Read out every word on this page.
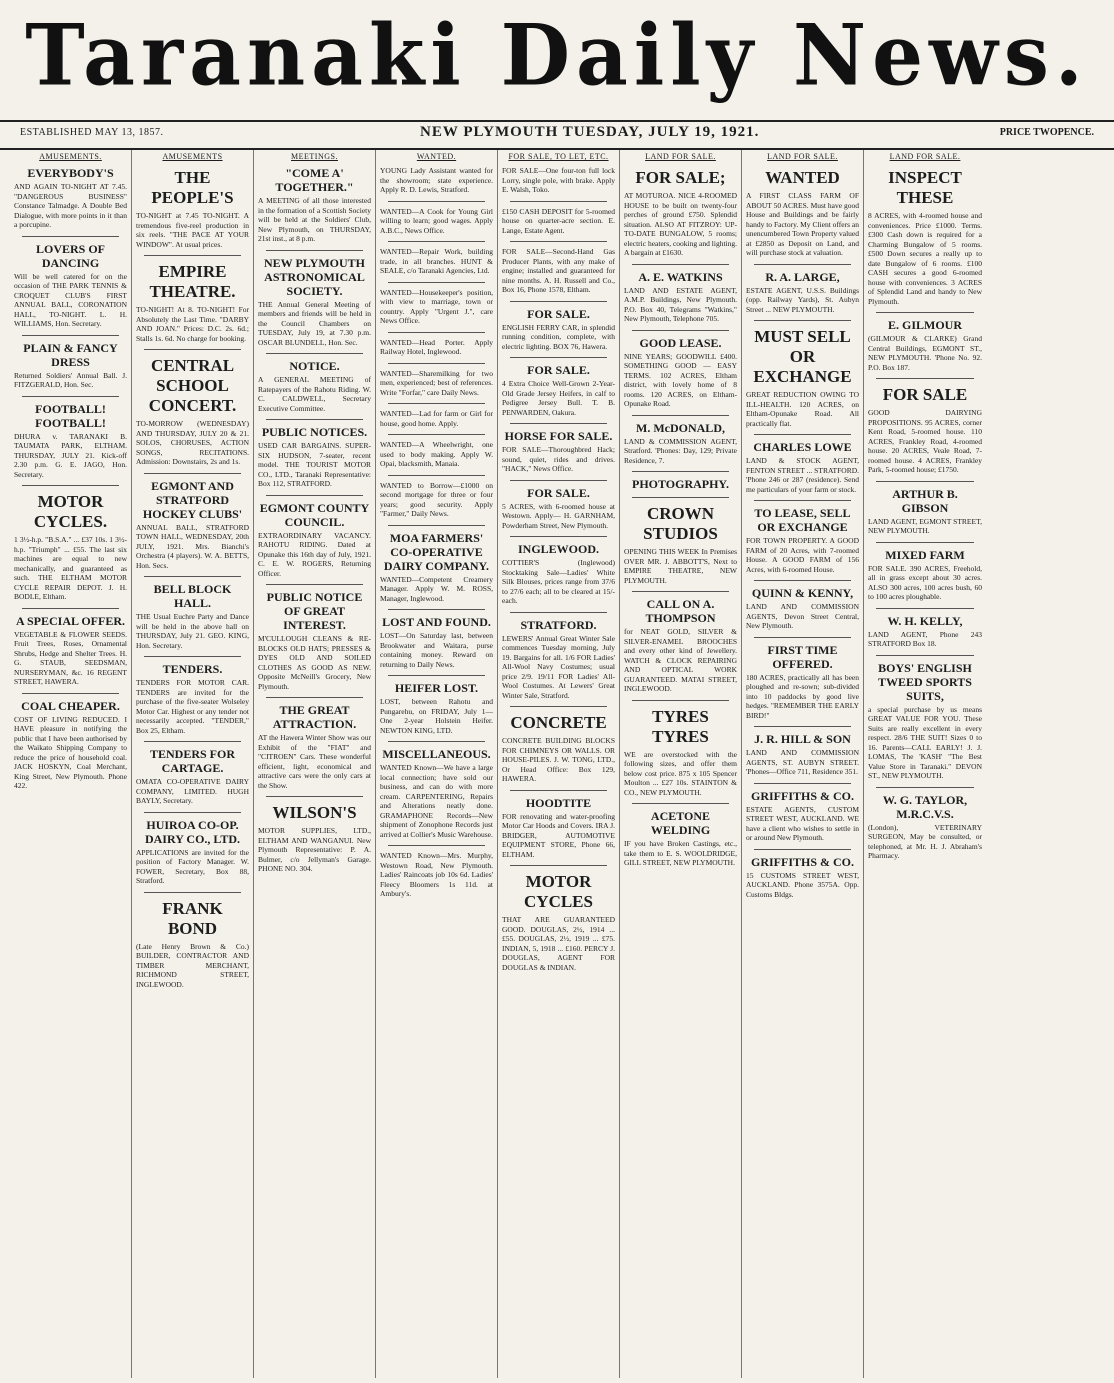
Taranaki Daily News.
ESTABLISHED MAY 13, 1857.	NEW PLYMOUTH TUESDAY, JULY 19, 1921.	PRICE TWOPENCE.
AMUSEMENTS.
EVERYBODY'S
AND AGAIN TO-NIGHT AT 7.45. "DANGEROUS BUSINESS" Constance Talmadge. A Double Bed Dialogue, with more points in it than a porcupine.
LOVERS OF DANCING
Will be well catered for on the occasion of THE PARK TENNIS & CROQUET CLUB'S FIRST ANNUAL BALL, CORONATION HALL, TO-NIGHT. L. H. WILLIAMS, Hon. Secretary.
PLAIN & FANCY DRESS
Returned Soldiers' Annual Ball. J. FITZGERALD, Hon. Sec.
FOOTBALL! FOOTBALL!
DHURA v. TARANAKI B. TAUMATA PARK, ELTHAM. THURSDAY, JULY 21. Kick-off 2.30 p.m. G. E. JAGO, Hon. Secretary.
MOTOR CYCLES.
1 3½-h.p. "B.S.A." ... £37 10s. 1 3½-h.p. "Triumph" ... £55. The last six machines are equal to new mechanically, and guaranteed as such. THE ELTHAM MOTOR CYCLE REPAIR DEPOT. J. H. BODLE, Eltham.
A SPECIAL OFFER.
VEGETABLE & FLOWER SEEDS. Fruit Trees, Roses, Ornamental Shrubs, Hedge and Shelter Trees. H. G. STAUB, SEEDSMAN, NURSERYMAN, &c. 16 REGENT STREET, HAWERA.
COAL CHEAPER.
COST OF LIVING REDUCED. I HAVE pleasure in notifying the public that I have been authorised by the Waikato Shipping Company to reduce the price of household coal. JACK HOSKYN, Coal Merchant, King Street, New Plymouth. Phone 422.
AMUSEMENTS
THE PEOPLE'S
TO-NIGHT at 7.45 TO-NIGHT. A tremendous five-reel production in six reels. "THE PACE AT YOUR WINDOW". At usual prices.
EMPIRE THEATRE.
TO-NIGHT! At 8. TO-NIGHT! For Absolutely the Last Time. "DARBY AND JOAN." Prices: D.C. 2s. 6d.; Stalls 1s. 6d. No charge for booking.
CENTRAL SCHOOL CONCERT.
TO-MORROW (WEDNESDAY) AND THURSDAY, JULY 20 & 21. SOLOS, CHORUSES, ACTION SONGS, RECITATIONS. Admission: Downstairs, 2s and 1s.
EGMONT AND STRATFORD HOCKEY CLUBS'
ANNUAL BALL, STRATFORD TOWN HALL, WEDNESDAY, 20th JULY, 1921. Mrs. Bianchi's Orchestra (4 players). W. A. BETTS, Hon. Secs.
BELL BLOCK HALL.
THE Usual Euchre Party and Dance will be held in the above hall on THURSDAY, July 21. GEO. KING, Hon. Secretary.
TENDERS.
TENDERS FOR MOTOR CAR. TENDERS are invited for the purchase of the five-seater Wolseley Motor Car. Highest or any tender not necessarily accepted. "TENDER," Box 25, Eltham.
TENDERS FOR CARTAGE.
OMATA CO-OPERATIVE DAIRY COMPANY, LIMITED. HUGH BAYLY, Secretary.
HUIROA CO-OP. DAIRY CO., LTD.
APPLICATIONS are invited for the position of Factory Manager. W. FOWER, Secretary, Box 88, Stratford.
FRANK BOND
(Late Henry Brown & Co.) BUILDER, CONTRACTOR AND TIMBER MERCHANT, RICHMOND STREET, INGLEWOOD.
MEETINGS.
"COME A' TOGETHER."
A MEETING of all those interested in the formation of a Scottish Society will be held at the Soldiers' Club, New Plymouth, on THURSDAY, 21st inst., at 8 p.m.
NEW PLYMOUTH ASTRONOMICAL SOCIETY.
THE Annual General Meeting of members and friends will be held in the Council Chambers on TUESDAY, July 19, at 7.30 p.m. OSCAR BLUNDELL, Hon. Sec.
NOTICE.
A GENERAL MEETING of Ratepayers of the Rahotu Riding. W. C. CALDWELL, Secretary Executive Committee.
PUBLIC NOTICES.
USED CAR BARGAINS. SUPER-SIX HUDSON, 7-seater, recent model. THE TOURIST MOTOR CO., LTD., Taranaki Representative: Box 112, STRATFORD.
EGMONT COUNTY COUNCIL.
EXTRAORDINARY VACANCY. RAHOTU RIDING. Dated at Opunake this 16th day of July, 1921. C. E. W. ROGERS, Returning Officer.
PUBLIC NOTICE OF GREAT INTEREST.
M'CULLOUGH CLEANS & RE-BLOCKS OLD HATS; PRESSES & DYES OLD AND SOILED CLOTHES AS GOOD AS NEW. Opposite McNeill's Grocery, New Plymouth.
THE GREAT ATTRACTION.
AT the Hawera Winter Show was our Exhibit of the "FIAT" and "CITROEN" Cars. These wonderful efficient, light, economical and attractive cars were the only cars at the Show.
WILSON'S
MOTOR SUPPLIES, LTD., ELTHAM AND WANGANUI. New Plymouth Representative: P. A. Bulmer, c/o Jellyman's Garage. PHONE NO. 304.
WANTED.
YOUNG Lady Assistant wanted for the showroom; state experience. Apply R. D. Lewis, Stratford.
WANTED—A Cook for Young Girl willing to learn; good wages. Apply A.B.C., News Office.
WANTED—Repair Work, building trade, in all branches. HUNT & SEALE, c/o Taranaki Agencies, Ltd.
WANTED—Housekeeper's position, with view to marriage, town or country. Apply "Urgent J.", care News Office.
WANTED—Head Porter. Apply Railway Hotel, Inglewood.
WANTED—Sharemilking for two men, experienced; best of references. Write "Forfar," care Daily News.
WANTED—Lad for farm or Girl for house, good home. Apply.
WANTED—A Wheelwright, one used to body making. Apply W. Opai, blacksmith, Manaia.
WANTED to Borrow—£1000 on second mortgage for three or four years; good security. Apply "Farmer," Daily News.
MOA FARMERS' CO-OPERATIVE DAIRY COMPANY.
WANTED—Competent Creamery Manager. Apply W. M. ROSS, Manager, Inglewood.
LOST AND FOUND.
LOST—On Saturday last, between Brookwater and Waitara, purse containing money. Reward on returning to Daily News.
HEIFER LOST.
LOST, between Rahotu and Pungarehu, on FRIDAY, July 1—One 2-year Holstein Heifer. NEWTON KING, LTD.
MISCELLANEOUS.
WANTED Known—We have a large local connection; have sold our business, and can do with more cream. CARPENTERING, Repairs and Alterations neatly done. GRAMAPHONE Records—New shipment of Zonophone Records just arrived at Collier's Music Warehouse.
WANTED Known—Mrs. Murphy, Westown Road, New Plymouth. Ladies' Raincoats job 10s 6d. Ladies' Fleecy Bloomers 1s 11d. at Ambury's.
FOR SALE, TO LET, ETC.
FOR SALE—One four-ton full lock Lorry, single pole, with brake. Apply E. Walsh, Toko.
£150 CASH DEPOSIT for 5-roomed house on quarter-acre section. E. Lange, Estate Agent.
FOR SALE—Second-Hand Gas Producer Plants, with any make of engine; installed and guaranteed for nine months. A. H. Russell and Co., Box 16, Phone 1578, Eltham.
FOR SALE.
ENGLISH FERRY CAR, in splendid running condition, complete, with electric lighting. BOX 76, Hawera.
FOR SALE.
4 Extra Choice Well-Grown 2-Year-Old Grade Jersey Heifers, in calf to Pedigree Jersey Bull. T. B. PENWARDEN, Oakura.
HORSE FOR SALE.
FOR SALE—Thoroughbred Hack; sound, quiet, rides and drives. "HACK," News Office.
FOR SALE.
5 ACRES, with 6-roomed house at Westown. Apply— H. GARNHAM, Powderham Street, New Plymouth.
INGLEWOOD.
COTTIER'S (Inglewood) Stocktaking Sale—Ladies' White Silk Blouses, prices range from 37/6 to 27/6 each; all to be cleared at 15/- each.
STRATFORD.
LEWERS' Annual Great Winter Sale commences Tuesday morning, July 19. Bargains for all. 1/6 FOR Ladies' All-Wool Navy Costumes; usual price 2/9. 19/11 FOR Ladies' All-Wool Costumes. At Lewers' Great Winter Sale, Stratford.
CONCRETE
CONCRETE BUILDING BLOCKS FOR CHIMNEYS OR WALLS. OR HOUSE-PILES. J. W. TONG, LTD., Or Head Office: Box 129, HAWERA.
HOODTITE
FOR renovating and water-proofing Motor Car Hoods and Covers. IRA J. BRIDGER, AUTOMOTIVE EQUIPMENT STORE, Phone 66, ELTHAM.
MOTOR CYCLES
THAT ARE GUARANTEED GOOD. DOUGLAS, 2½, 1914 ... £55. DOUGLAS, 2½, 1919 ... £75. INDIAN, 5, 1918 ... £160. PERCY J. DOUGLAS, AGENT FOR DOUGLAS & INDIAN.
LAND FOR SALE.
FOR SALE;
AT MOTUROA. NICE 4-ROOMED HOUSE to be built on twenty-four perches of ground £750. Splendid situation. ALSO AT FITZROY: UP-TO-DATE BUNGALOW, 5 rooms; electric heaters, cooking and lighting. A bargain at £1630.
A. E. WATKINS
LAND AND ESTATE AGENT, A.M.P. Buildings, New Plymouth. P.O. Box 40, Telegrams "Watkins," New Plymouth, Telephone 705.
GOOD LEASE.
NINE YEARS; GOODWILL £400. SOMETHING GOOD — EASY TERMS. 102 ACRES, Eltham district, with lovely home of 8 rooms. 120 ACRES, on Eltham-Opunake Road.
M. McDONALD,
LAND & COMMISSION AGENT, Stratford. 'Phones: Day, 129; Private Residence, 7.
PHOTOGRAPHY.
CROWN STUDIOS
OPENING THIS WEEK In Premises OVER MR. J. ABBOTT'S, Next to EMPIRE THEATRE, NEW PLYMOUTH.
CALL ON A. THOMPSON
for NEAT GOLD, SILVER & SILVER-ENAMEL BROOCHES and every other kind of Jewellery. WATCH & CLOCK REPAIRING AND OPTICAL WORK GUARANTEED. MATAI STREET, INGLEWOOD.
TYRES TYRES
WE are overstocked with the following sizes, and offer them below cost price. 875 x 105 Spencer Moulton ... £27 10s. STAINTON & CO., NEW PLYMOUTH.
ACETONE WELDING
IF you have Broken Castings, etc., take them to E. S. WOOLDRIDGE, GILL STREET, NEW PLYMOUTH.
LAND FOR SALE.
WANTED
A FIRST CLASS FARM OF ABOUT 50 ACRES. Must have good House and Buildings and be fairly handy to Factory. My Client offers an unencumbered Town Property valued at £2850 as Deposit on Land, and will purchase stock at valuation.
R. A. LARGE,
ESTATE AGENT, U.S.S. Buildings (opp. Railway Yards), St. Aubyn Street ... NEW PLYMOUTH.
MUST SELL OR EXCHANGE
GREAT REDUCTION OWING TO ILL-HEALTH. 120 ACRES, on Eltham-Opunake Road. All practically flat.
CHARLES LOWE
LAND & STOCK AGENT, FENTON STREET ... STRATFORD. 'Phone 246 or 287 (residence). Send me particulars of your farm or stock.
TO LEASE, SELL OR EXCHANGE
FOR TOWN PROPERTY. A GOOD FARM of 20 Acres, with 7-roomed House. A GOOD FARM of 156 Acres, with 6-roomed House.
QUINN & KENNY,
LAND AND COMMISSION AGENTS, Devon Street Central, New Plymouth.
FIRST TIME OFFERED.
180 ACRES, practically all has been ploughed and re-sown; sub-divided into 10 paddocks by good live hedges. "REMEMBER THE EARLY BIRD!"
J. R. HILL & SON
LAND AND COMMISSION AGENTS, ST. AUBYN STREET. 'Phones—Office 711, Residence 351.
GRIFFITHS & CO.
ESTATE AGENTS, CUSTOM STREET WEST, AUCKLAND. WE have a client who wishes to settle in or around New Plymouth.
GRIFFITHS & CO.
15 CUSTOMS STREET WEST, AUCKLAND. Phone 3575A. Opp. Customs Bldgs.
LAND FOR SALE.
INSPECT THESE
8 ACRES, with 4-roomed house and conveniences. Price £1000. Terms. £300 Cash down is required for a Charming Bungalow of 5 rooms. £500 Down secures a really up to date Bungalow of 6 rooms. £100 CASH secures a good 6-roomed house with conveniences. 3 ACRES of Splendid Land and handy to New Plymouth.
E. GILMOUR
(GILMOUR & CLARKE) Grand Central Buildings, EGMONT ST., NEW PLYMOUTH. 'Phone No. 92. P.O. Box 187.
FOR SALE
GOOD DAIRYING PROPOSITIONS. 95 ACRES, corner Kent Road, 5-roomed house. 110 ACRES, Frankley Road, 4-roomed house. 20 ACRES, Veale Road, 7-roomed house. 4 ACRES, Frankley Park, 5-roomed house; £1750.
ARTHUR B. GIBSON
LAND AGENT, EGMONT STREET, NEW PLYMOUTH.
MIXED FARM
FOR SALE. 390 ACRES, Freehold, all in grass except about 30 acres. ALSO 300 acres, 100 acres bush, 60 to 100 acres ploughable.
W. H. KELLY,
LAND AGENT, Phone 243 STRATFORD Box 18.
BOYS' ENGLISH TWEED SPORTS SUITS,
a special purchase by us means GREAT VALUE FOR YOU. These Suits are really excellent in every respect. 28/6 THE SUIT! Sizes 0 to 16. Parents—CALL EARLY! J. J. LOMAS, The 'KASH' "The Best Value Store in Taranaki." DEVON ST., NEW PLYMOUTH.
W. G. TAYLOR, M.R.C.V.S.
(London), VETERINARY SURGEON, May be consulted, or telephoned, at Mr. H. J. Abraham's Pharmacy.
